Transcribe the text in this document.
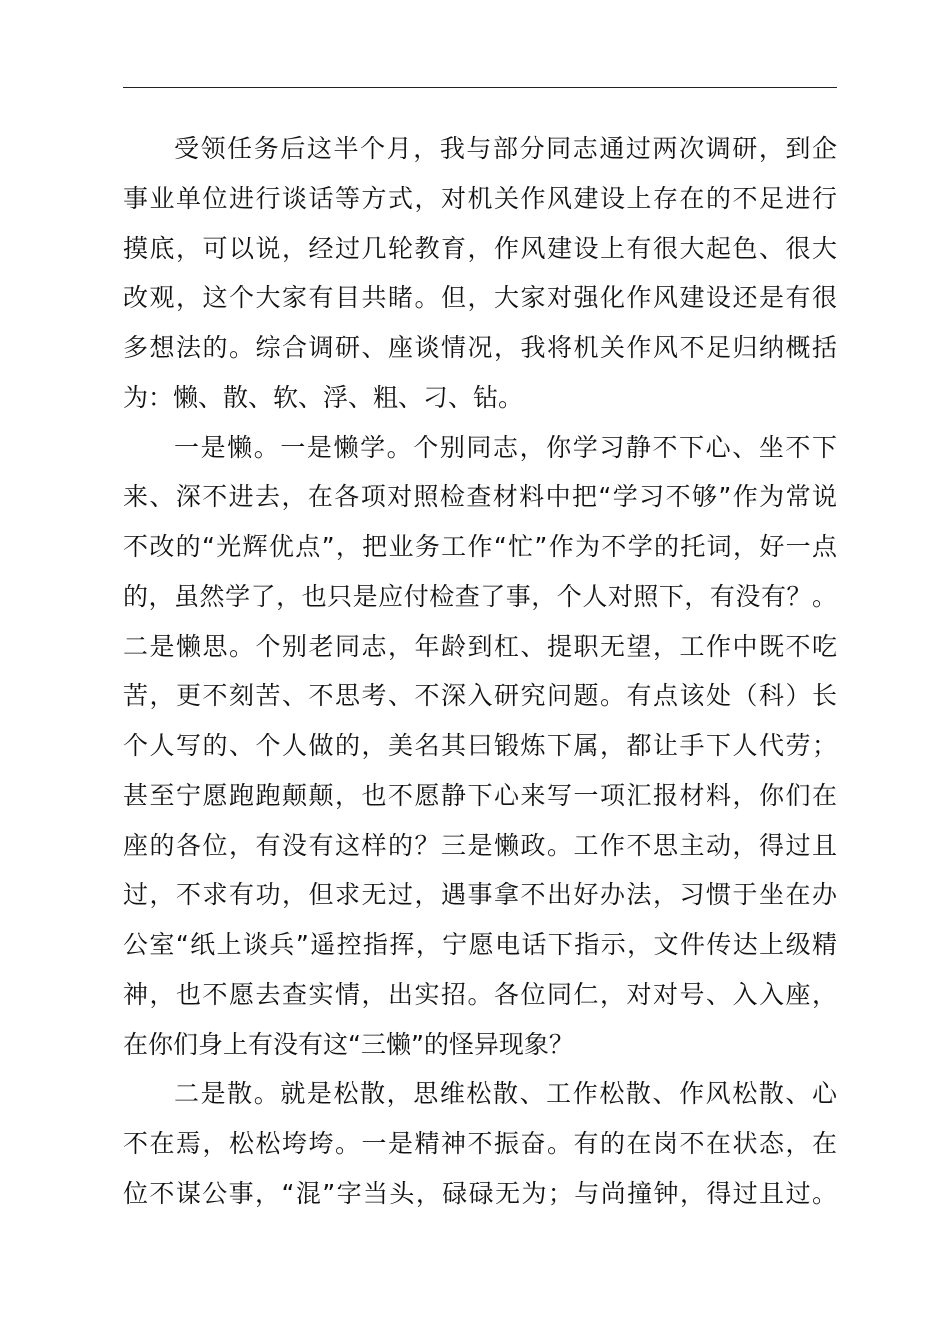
受领任务后这半个月，我与部分同志通过两次调研，到企
事业单位进行谈话等方式，对机关作风建设上存在的不足进行
摸底，可以说，经过几轮教育，作风建设上有很大起色、很大
改观，这个大家有目共睹。但，大家对强化作风建设还是有很
多想法的。综合调研、座谈情况，我将机关作风不足归纳概括
为：懒、散、软、浮、粗、刁、钻。
一是懒。一是懒学。个别同志，你学习静不下心、坐不下
来、深不进去，在各项对照检查材料中把“学习不够”作为常说
不改的“光辉优点”，把业务工作“忙”作为不学的托词，好一点
的，虽然学了，也只是应付检查了事，个人对照下，有没有？。
二是懒思。个别老同志，年龄到杠、提职无望，工作中既不吃
苦，更不刻苦、不思考、不深入研究问题。有点该处（科）长
个人写的、个人做的，美名其曰锻炼下属，都让手下人代劳；
甚至宁愿跑跑颠颠，也不愿静下心来写一项汇报材料，你们在
座的各位，有没有这样的？三是懒政。工作不思主动，得过且
过，不求有功，但求无过，遇事拿不出好办法，习惯于坐在办
公室“纸上谈兵”遥控指挥，宁愿电话下指示，文件传达上级精
神，也不愿去查实情，出实招。各位同仁，对对号、入入座，
在你们身上有没有这“三懒”的怪异现象？
二是散。就是松散，思维松散、工作松散、作风松散、心
不在焉，松松垮垮。一是精神不振奋。有的在岗不在状态，在
位不谋公事，“混”字当头，碌碌无为；与尚撞钟，得过且过。
